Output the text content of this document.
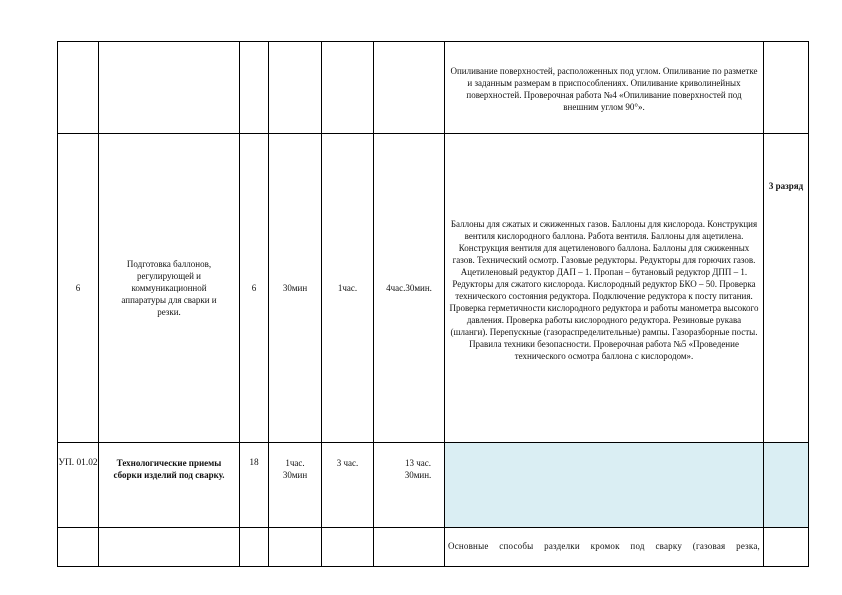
						Опиливание поверхностей, расположенных под углом. Опиливание по разметке и заданным размерам в приспособлениях. Опиливание криволинейных поверхностей. Проверочная работа №4 «Опиливание поверхностей под внешним углом 90°».	
6	Подготовка баллонов, регулирующей и коммуникационной аппаратуры для сварки и резки.	6	30мин	1час.	4час.30мин.	Баллоны для сжатых и сжиженных газов. Баллоны для кислорода. Конструкция вентиля кислородного баллона. Работа вентиля. Баллоны для ацетилена. Конструкция вентиля для ацетиленового баллона. Баллоны для сжиженных газов. Технический осмотр. Газовые редукторы. Редукторы для горючих газов. Ацетиленовый редуктор ДАП – 1. Пропан – бутановый редуктор ДПП – 1. Редукторы для сжатого кислорода. Кислородный редуктор БКО – 50. Проверка технического состояния редуктора. Подключение редуктора к посту питания. Проверка герметичности кислородного редуктора и работы манометра высокого давления. Проверка работы кислородного редуктора. Резиновые рукава (шланги). Перепускные (газораспределительные) рампы. Газоразборные посты. Правила техники безопасности. Проверочная работа №5 «Проведение технического осмотра баллона с кислородом».	3 разряд
УП. 01.02	Технологические приемы сборки изделий под сварку.	18	1час. 30мин	3 час.	13 час. 30мин.		
						Основные способы разделки кромок под сварку (газовая резка,	
